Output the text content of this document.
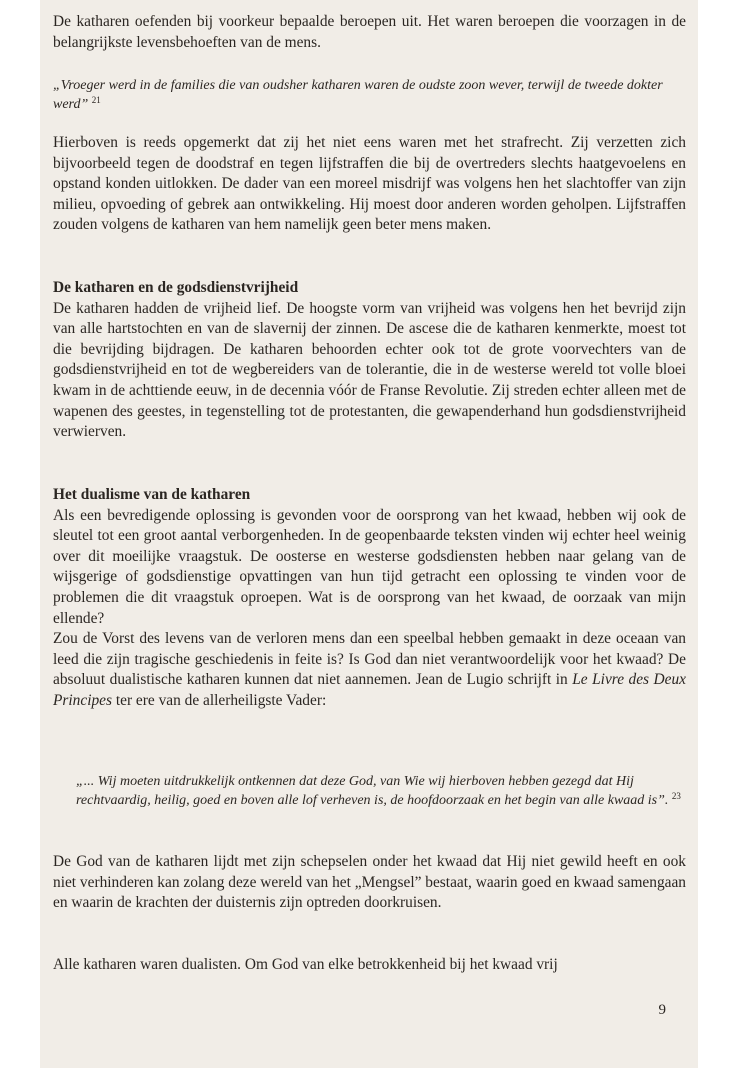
De katharen oefenden bij voorkeur bepaalde beroepen uit. Het waren beroepen die voorzagen in de belangrijkste levensbehoeften van de mens.

„Vroeger werd in de families die van oudsher katharen waren de oudste zoon wever, terwijl de tweede dokter werd” $^{21}$

Hierboven is reeds opgemerkt dat zij het niet eens waren met het strafrecht. Zij verzetten zich bijvoorbeeld tegen de doodstraf en tegen lijfstraffen die bij de overtreders slechts haatgevoelens en opstand konden uitlokken. De dader van een moreel misdrijf was volgens hen het slachtoffer van zijn milieu, opvoeding of gebrek aan ontwikkeling. Hij moest door anderen worden geholpen. Lijfstraffen zouden volgens de katharen van hem namelijk geen beter mens maken.

De katharen en de godsdienstvrijheid

De katharen hadden de vrijheid lief. De hoogste vorm van vrijheid was volgens hen het bevrijd zijn van alle hartstochten en van de slavernij der zinnen. De ascese die de katharen kenmerkte, moest tot die bevrijding bijdragen. De katharen behoorden echter ook tot de grote voorvechters van de godsdienstvrijheid en tot de wegbereiders van de tolerantie, die in de westerse wereld tot volle bloei kwam in de achttiende eeuw, in de decennia vóór de Franse Revolutie. Zij streden echter alleen met de wapenen des geestes, in tegenstelling tot de protestanten, die gewapenderhand hun godsdienstvrijheid verwierven.

Het dualisme van de katharen

Als een bevredigende oplossing is gevonden voor de oorsprong van het kwaad, hebben wij ook de sleutel tot een groot aantal verborgenheden. In de geopenbaarde teksten vinden wij echter heel weinig over dit moeilijke vraagstuk. De oosterse en westerse godsdiensten hebben naar gelang van de wijsgerige of godsdienstige opvattingen van hun tijd getracht een oplossing te vinden voor de problemen die dit vraagstuk oproepen. Wat is de oorsprong van het kwaad, de oorzaak van mijn ellende?

Zou de Vorst des levens van de verloren mens dan een speelbal hebben gemaakt in deze oceaan van leed die zijn tragische geschiedenis in feite is? Is God dan niet verantwoordelijk voor het kwaad? De absoluut dualistische katharen kunnen dat niet aannemen. Jean de Lugio schrijft in Le Livre des Deux Principes ter ere van de allerheiligste Vader:

„... Wij moeten uitdrukkelijk ontkennen dat deze God, van Wie wij hierboven hebben gezegd dat Hij rechtvaardig, heilig, goed en boven alle lof verheven is, de hoofdoorzaak en het begin van alle kwaad is”. $^{23}$

De God van de katharen lijdt met zijn schepselen onder het kwaad dat Hij niet gewild heeft en ook niet verhinderen kan zolang deze wereld van het „Mengsel” bestaat, waarin goed en kwaad samengaan en waarin de krachten der duisternis zijn optreden doorkruisen.

Alle katharen waren dualisten. Om God van elke betrokkenheid bij het kwaad vrij

9
